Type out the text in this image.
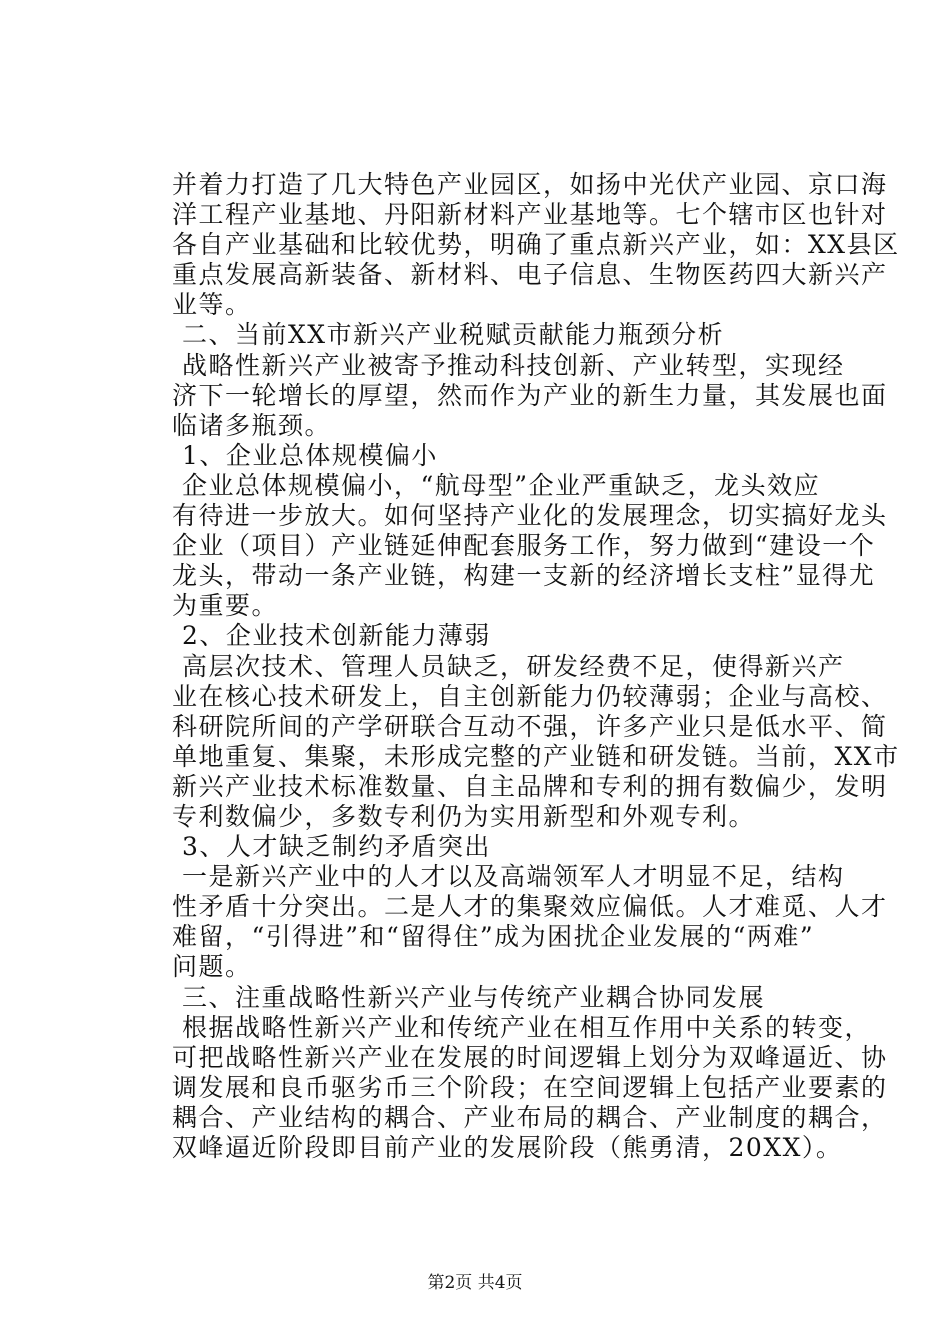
并着力打造了几大特色产业园区，如扬中光伏产业园、京口海
洋工程产业基地、丹阳新材料产业基地等。七个辖市区也针对
各自产业基础和比较优势，明确了重点新兴产业，如：XX县区
重点发展高新装备、新材料、电子信息、生物医药四大新兴产
业等。
二、当前XX市新兴产业税赋贡献能力瓶颈分析
战略性新兴产业被寄予推动科技创新、产业转型，实现经
济下一轮增长的厚望，然而作为产业的新生力量，其发展也面
临诸多瓶颈。
1、企业总体规模偏小
企业总体规模偏小，“航母型”企业严重缺乏，龙头效应
有待进一步放大。如何坚持产业化的发展理念，切实搞好龙头
企业（项目）产业链延伸配套服务工作，努力做到“建设一个
龙头，带动一条产业链，构建一支新的经济增长支柱”显得尤
为重要。
2、企业技术创新能力薄弱
高层次技术、管理人员缺乏，研发经费不足，使得新兴产
业在核心技术研发上，自主创新能力仍较薄弱；企业与高校、
科研院所间的产学研联合互动不强，许多产业只是低水平、简
单地重复、集聚，未形成完整的产业链和研发链。当前，XX市
新兴产业技术标准数量、自主品牌和专利的拥有数偏少，发明
专利数偏少，多数专利仍为实用新型和外观专利。
3、人才缺乏制约矛盾突出
一是新兴产业中的人才以及高端领军人才明显不足，结构
性矛盾十分突出。二是人才的集聚效应偏低。人才难觅、人才
难留，“引得进”和“留得住”成为困扰企业发展的“两难”
问题。
三、注重战略性新兴产业与传统产业耦合协同发展
根据战略性新兴产业和传统产业在相互作用中关系的转变，
可把战略性新兴产业在发展的时间逻辑上划分为双峰逼近、协
调发展和良币驱劣币三个阶段；在空间逻辑上包括产业要素的
耦合、产业结构的耦合、产业布局的耦合、产业制度的耦合，
双峰逼近阶段即目前产业的发展阶段（熊勇清，20XX）。
第2页 共4页
